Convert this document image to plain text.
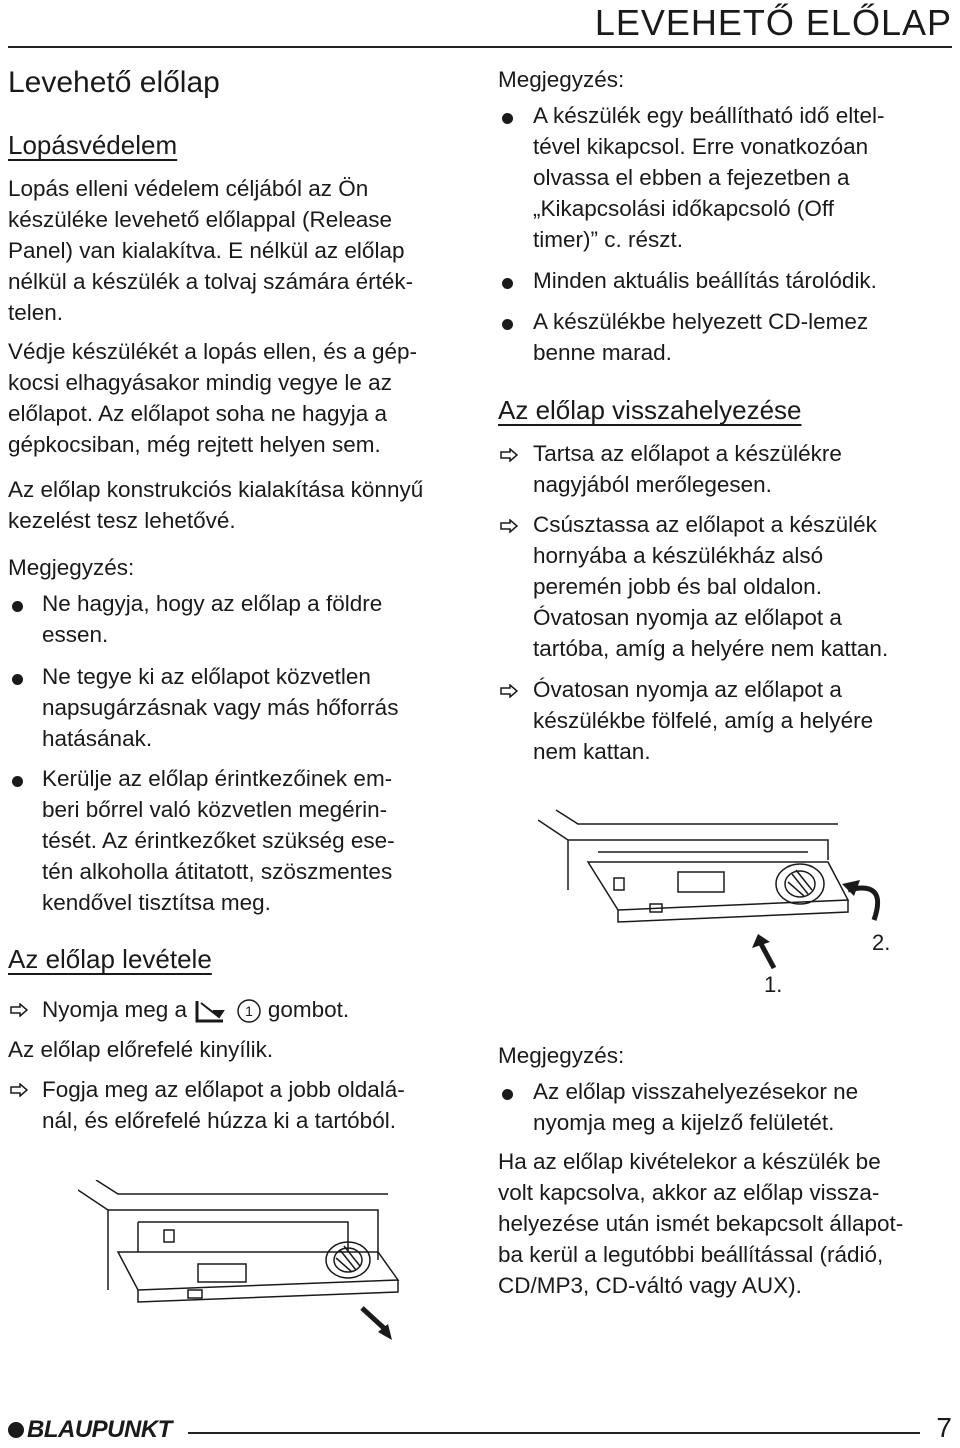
LEVEHETŐ ELŐLAP
Levehető előlap
Lopásvédelem
Lopás elleni védelem céljából az Ön
készüléke levehető előlappal (Release
Panel) van kialakítva. E nélkül az előlap
nélkül a készülék a tolvaj számára érték-
telen.
Védje készülékét a lopás ellen, és a gép-
kocsi elhagyásakor mindig vegye le az
előlapot. Az előlapot soha ne hagyja a
gépkocsiban, még rejtett helyen sem.
Az előlap konstrukciós kialakítása könnyű
kezelést tesz lehetővé.
Megjegyzés:
Ne hagyja, hogy az előlap a földre
essen.
Ne tegye ki az előlapot közvetlen
napsugárzásnak vagy más hőforrás
hatásának.
Kerülje az előlap érintkezőinek em-
beri bőrrel való közvetlen megérin-
tését. Az érintkezőket szükség ese-
tén alkoholla átitatott, szöszmentes
kendővel tisztítsa meg.
Az előlap levétele
Nyomja meg a	1 gombot.
Az előlap előrefelé kinyílik.
Fogja meg az előlapot a jobb oldalá-
nál, és előrefelé húzza ki a tartóból.
Megjegyzés:
A készülék egy beállítható idő eltel-
tével kikapcsol. Erre vonatkozóan
olvassa el ebben a fejezetben a
„Kikapcsolási időkapcsoló (Off
timer)” c. részt.
Minden aktuális beállítás tárolódik.
A készülékbe helyezett CD-lemez
benne marad.
Az előlap visszahelyezése
Tartsa az előlapot a készülékre
nagyjából merőlegesen.
Csúsztassa az előlapot a készülék
hornyába a készülékház alsó
peremén jobb és bal oldalon.
Óvatosan nyomja az előlapot a
tartóba, amíg a helyére nem kattan.
Óvatosan nyomja az előlapot a
készülékbe fölfelé, amíg a helyére
nem kattan.
1.
2.
Megjegyzés:
Az előlap visszahelyezésekor ne
nyomja meg a kijelző felületét.
Ha az előlap kivételekor a készülék be
volt kapcsolva, akkor az előlap vissza-
helyezése után ismét bekapcsolt állapot-
ba kerül a legutóbbi beállítással (rádió,
CD/MP3, CD-váltó vagy AUX).
BLAUPUNKT	7
